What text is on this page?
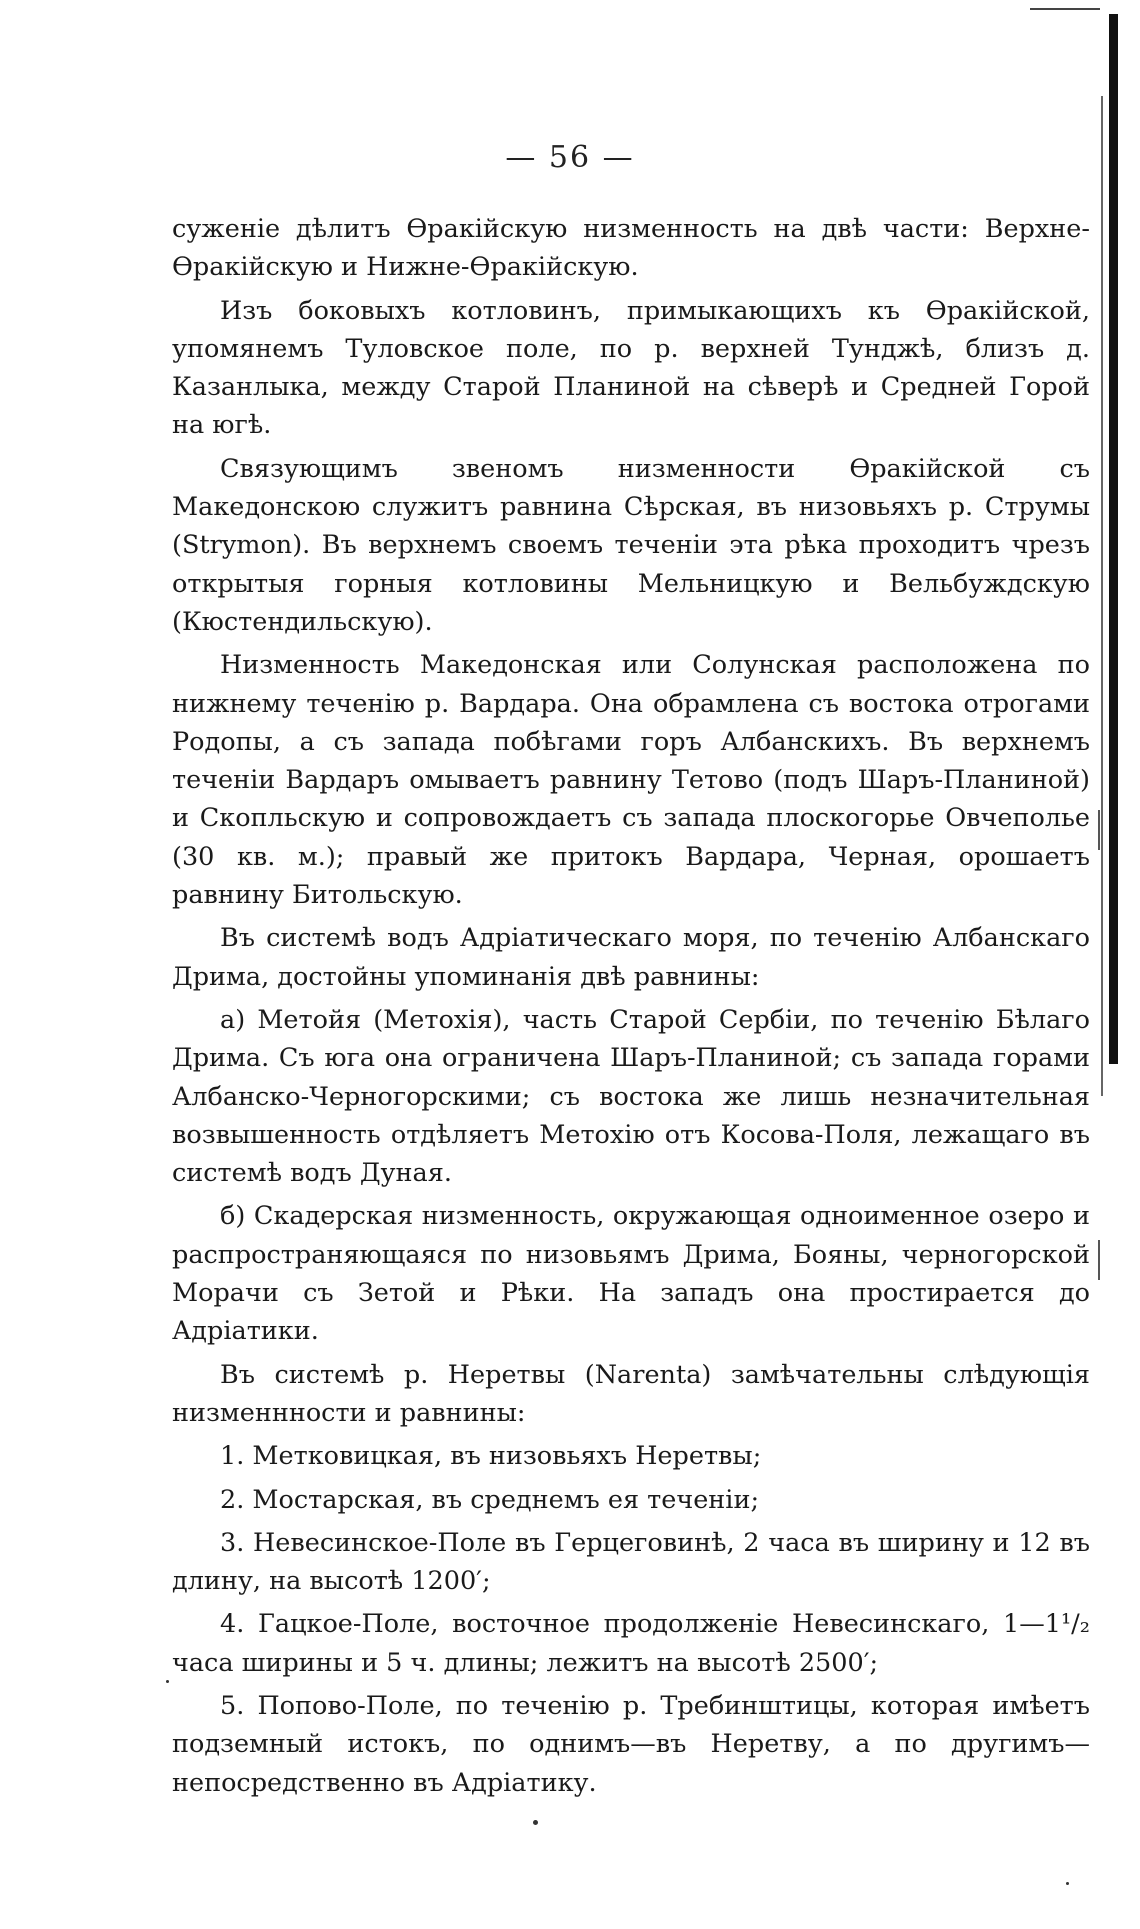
— 56 —

суженіе дѣлитъ Ѳракійскую низменность на двѣ части: Верхне-Ѳракійскую и Нижне-Ѳракійскую.

Изъ боковыхъ котловинъ, примыкающихъ къ Ѳракійской, упомянемъ Туловское поле, по р. верхней Тунджѣ, близъ д. Казанлыка, между Старой Планиной на сѣверѣ и Средней Горой на югѣ.

Связующимъ звеномъ низменности Ѳракійской съ Македонскою служитъ равнина Сѣрская, въ низовьяхъ р. Струмы (Strymon). Въ верхнемъ своемъ теченіи эта рѣка проходитъ чрезъ открытыя горныя котловины Мельницкую и Вельбуждскую (Кюстендильскую).

Низменность Македонская или Солунская расположена по нижнему теченію р. Вардара. Она обрамлена съ востока отрогами Родопы, а съ запада побѣгами горъ Албанскихъ. Въ верхнемъ теченіи Вардаръ омываетъ равнину Тетово (подъ Шаръ-Планиной) и Скопльскую и сопровождаетъ съ запада плоскогорье Овчеполье (30 кв. м.); правый же притокъ Вардара, Черная, орошаетъ равнину Битольскую.

Въ системѣ водъ Адріатическаго моря, по теченію Албанскаго Дрима, достойны упоминанія двѣ равнины:

а) Метойя (Метохія), часть Старой Сербіи, по теченію Бѣлаго Дрима. Съ юга она ограничена Шаръ-Планиной; съ запада горами Албанско-Черногорскими; съ востока же лишь незначительная возвышенность отдѣляетъ Метохію отъ Косова-Поля, лежащаго въ системѣ водъ Дуная.

б) Скадерская низменность, окружающая одноименное озеро и распространяющаяся по низовьямъ Дрима, Бояны, черногорской Морачи съ Зетой и Рѣки. На западъ она простирается до Адріатики.

Въ системѣ р. Неретвы (Narenta) замѣчательны слѣдующія низменнности и равнины:

1. Метковицкая, въ низовьяхъ Неретвы;

2. Мостарская, въ среднемъ ея теченіи;

3. Невесинское-Поле въ Герцеговинѣ, 2 часа въ ширину и 12 въ длину, на высотѣ 1200′;

4. Гацкое-Поле, восточное продолженіе Невесинскаго, 1—1¹/₂ часа ширины и 5 ч. длины; лежитъ на высотѣ 2500′;

5. Попово-Поле, по теченію р. Требинштицы, которая имѣетъ подземный истокъ, по однимъ—въ Неретву, а по другимъ—непосредственно въ Адріатику.
